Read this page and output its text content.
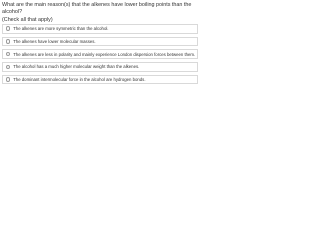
What are the main reason(s) that the alkenes have lower boiling points than the alcohol?

(Check all that apply)

The alkenes are more symmetric than the alcohol.
The alkenes have lower molecular masses.
The alkenes are less in polarity and mainly experience London dispersion forces between them.
The alcohol has a much higher molecular weight than the alkenes.
The dominant intermolecular force in the alcohol are hydrogen bonds.
